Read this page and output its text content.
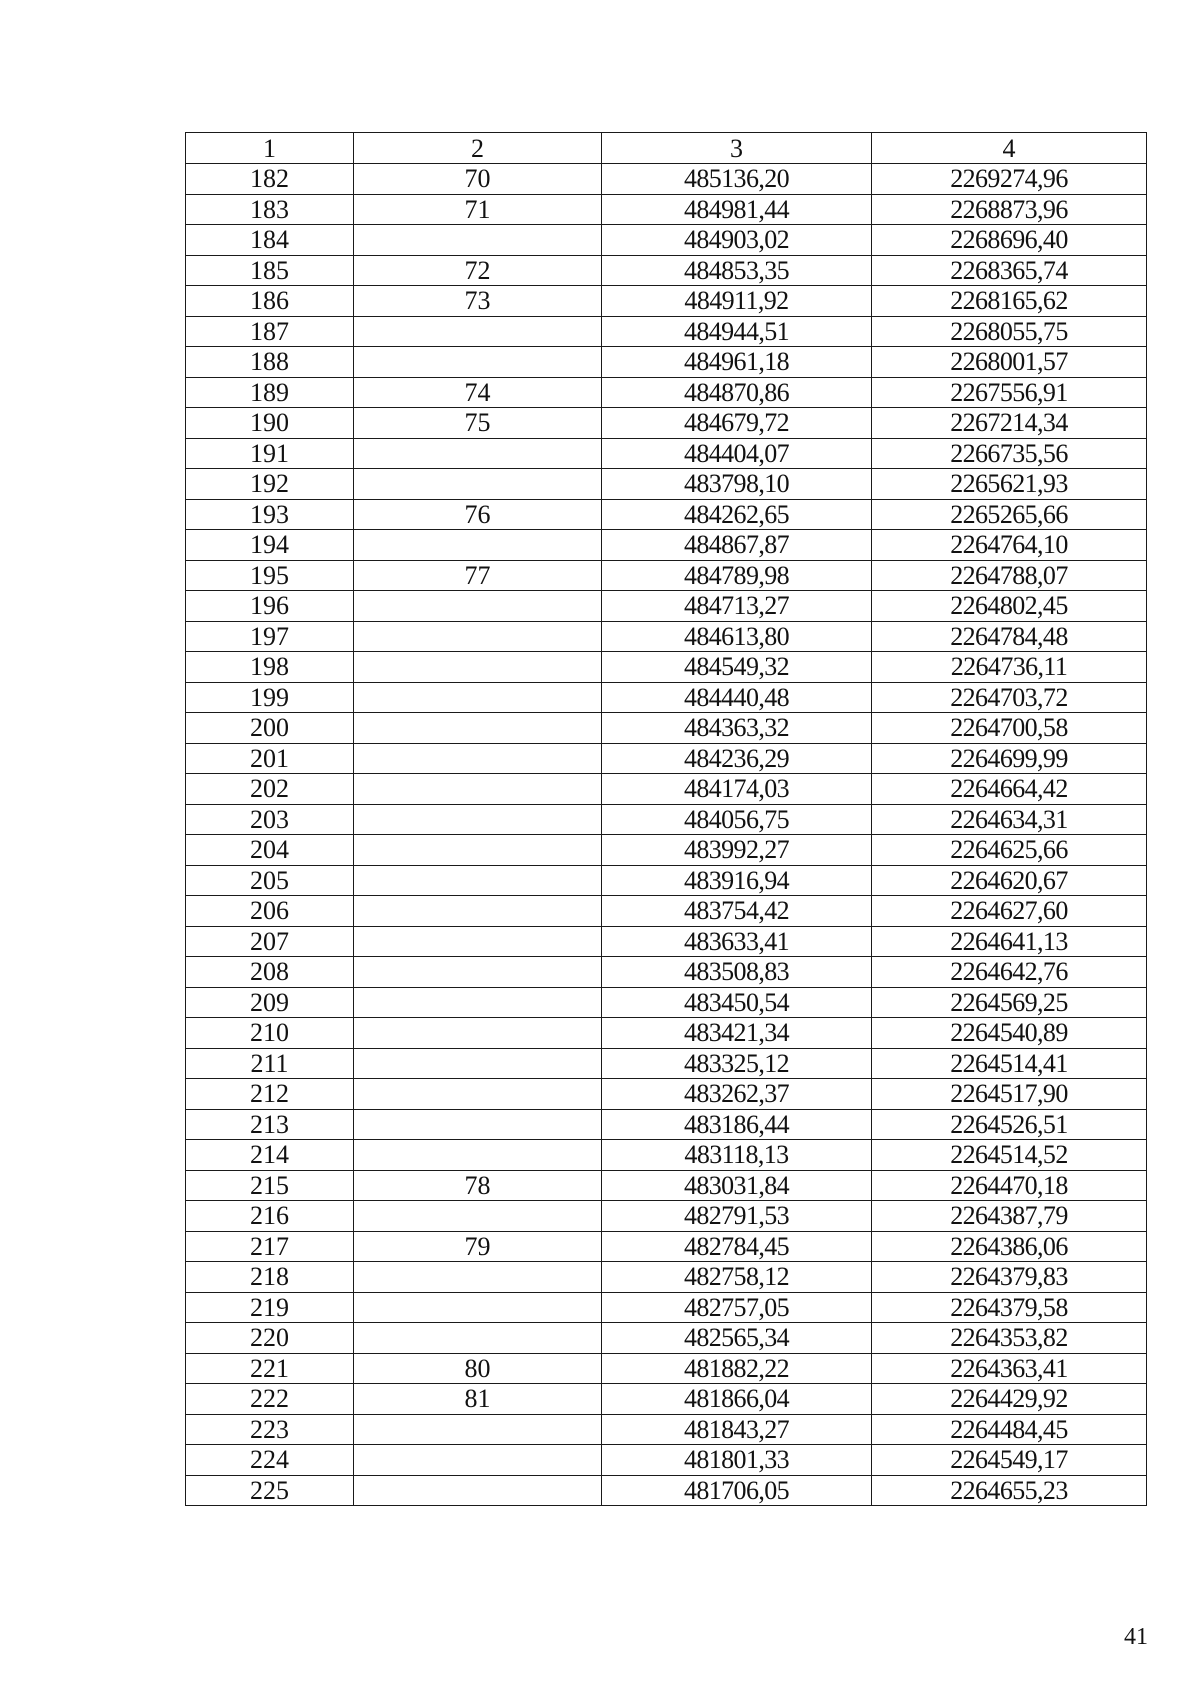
1	2	3	4
182	70	485136,20	2269274,96
183	71	484981,44	2268873,96
184		484903,02	2268696,40
185	72	484853,35	2268365,74
186	73	484911,92	2268165,62
187		484944,51	2268055,75
188		484961,18	2268001,57
189	74	484870,86	2267556,91
190	75	484679,72	2267214,34
191		484404,07	2266735,56
192		483798,10	2265621,93
193	76	484262,65	2265265,66
194		484867,87	2264764,10
195	77	484789,98	2264788,07
196		484713,27	2264802,45
197		484613,80	2264784,48
198		484549,32	2264736,11
199		484440,48	2264703,72
200		484363,32	2264700,58
201		484236,29	2264699,99
202		484174,03	2264664,42
203		484056,75	2264634,31
204		483992,27	2264625,66
205		483916,94	2264620,67
206		483754,42	2264627,60
207		483633,41	2264641,13
208		483508,83	2264642,76
209		483450,54	2264569,25
210		483421,34	2264540,89
211		483325,12	2264514,41
212		483262,37	2264517,90
213		483186,44	2264526,51
214		483118,13	2264514,52
215	78	483031,84	2264470,18
216		482791,53	2264387,79
217	79	482784,45	2264386,06
218		482758,12	2264379,83
219		482757,05	2264379,58
220		482565,34	2264353,82
221	80	481882,22	2264363,41
222	81	481866,04	2264429,92
223		481843,27	2264484,45
224		481801,33	2264549,17
225		481706,05	2264655,23
41
